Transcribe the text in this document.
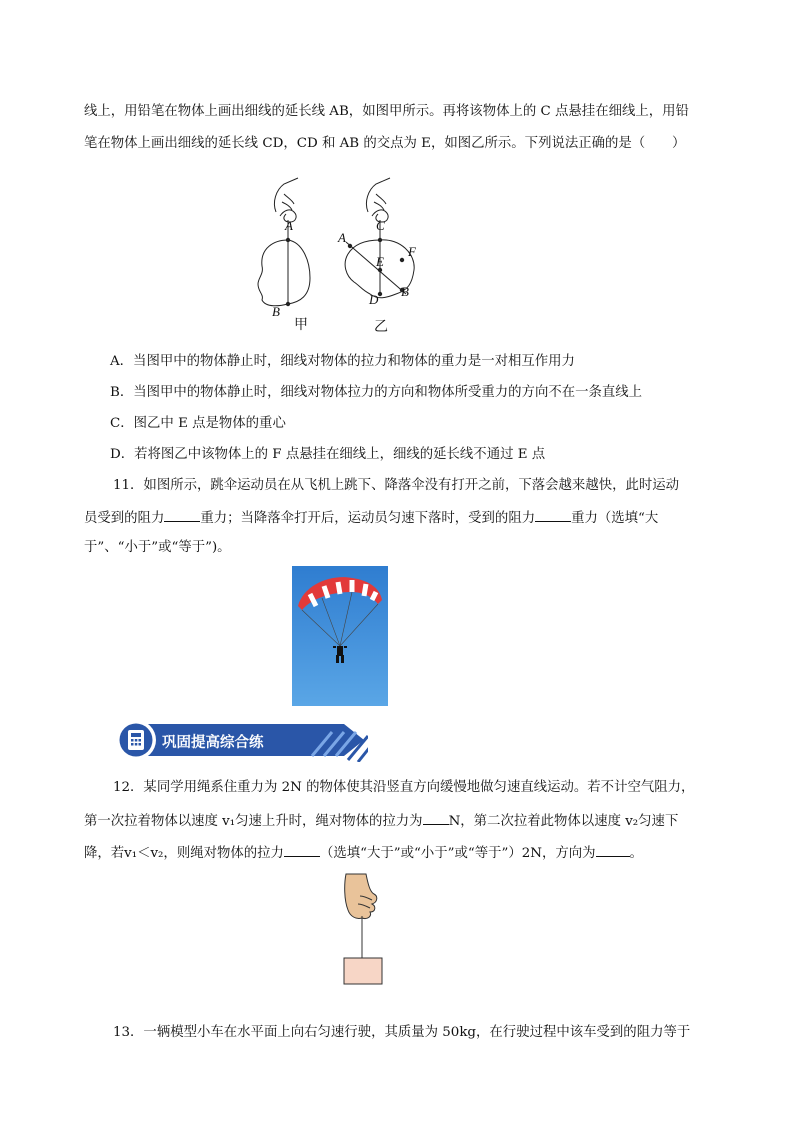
线上，用铅笔在物体上画出细线的延长线 AB，如图甲所示。再将该物体上的 C 点悬挂在细线上，用铅
笔在物体上画出细线的延长线 CD，CD 和 AB 的交点为 E，如图乙所示。下列说法正确的是（　　）
A
B
C
A
E
F
B
D
甲	乙
A．当图甲中的物体静止时，细线对物体的拉力和物体的重力是一对相互作用力
B．当图甲中的物体静止时，细线对物体拉力的方向和物体所受重力的方向不在一条直线上
C．图乙中 E 点是物体的重心
D．若将图乙中该物体上的 F 点悬挂在细线上，细线的延长线不通过 E 点
11．如图所示，跳伞运动员在从飞机上跳下、降落伞没有打开之前，下落会越来越快，此时运动
员受到的阻力	重力；当降落伞打开后，运动员匀速下落时，受到的阻力	重力（选填“大
于”、“小于”或“等于”)。
巩固提高综合练
12．某同学用绳系住重力为 2N 的物体使其沿竖直方向缓慢地做匀速直线运动。若不计空气阻力，
第一次拉着物体以速度 v₁匀速上升时，绳对物体的拉力为 N，第二次拉着此物体以速度 v₂匀速下
降，若v₁＜v₂，则绳对物体的拉力	（选填“大于”或“小于”或“等于”）2N，方向为	。
13．一辆模型小车在水平面上向右匀速行驶，其质量为 50kg，在行驶过程中该车受到的阻力等于
